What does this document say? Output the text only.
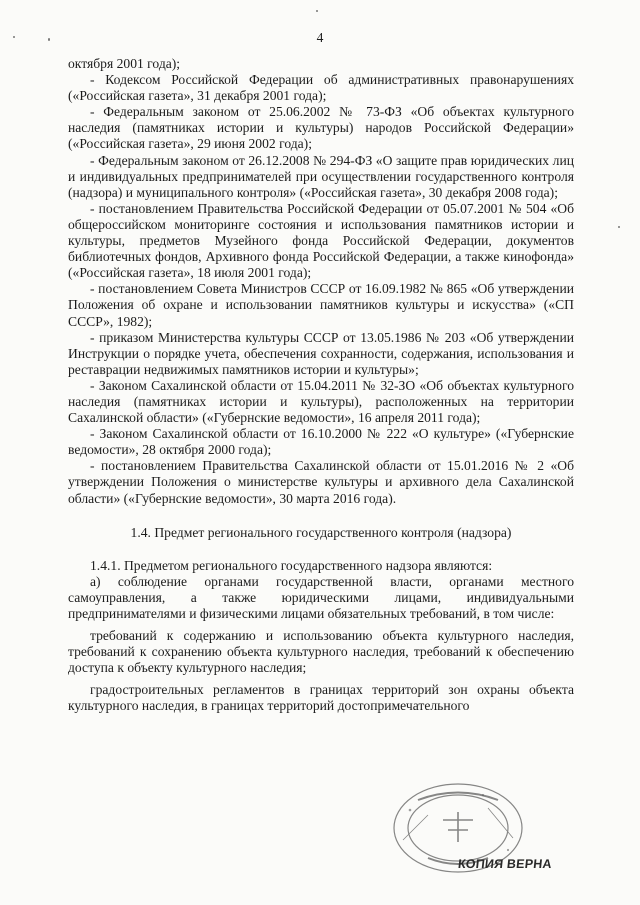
4

октября 2001 года);

- Кодексом Российской Федерации об административных правонарушениях («Российская газета», 31 декабря 2001 года);

- Федеральным законом от 25.06.2002 № 73-ФЗ «Об объектах культурного наследия (памятниках истории и культуры) народов Российской Федерации» («Российская газета», 29 июня 2002 года);

- Федеральным законом от 26.12.2008 № 294-ФЗ «О защите прав юридических лиц и индивидуальных предпринимателей при осуществлении государственного контроля (надзора) и муниципального контроля» («Российская газета», 30 декабря 2008 года);

- постановлением Правительства Российской Федерации от 05.07.2001 № 504 «Об общероссийском мониторинге состояния и использования памятников истории и культуры, предметов Музейного фонда Российской Федерации, документов библиотечных фондов, Архивного фонда Российской Федерации, а также кинофонда» («Российская газета», 18 июля 2001 года);

- постановлением Совета Министров СССР от 16.09.1982 № 865 «Об утверждении Положения об охране и использовании памятников культуры и искусства» («СП СССР», 1982);

- приказом Министерства культуры СССР от 13.05.1986 № 203 «Об утверждении Инструкции о порядке учета, обеспечения сохранности, содержания, использования и реставрации недвижимых памятников истории и культуры»;

- Законом Сахалинской области от 15.04.2011 № 32-ЗО «Об объектах культурного наследия (памятниках истории и культуры), расположенных на территории Сахалинской области» («Губернские ведомости», 16 апреля 2011 года);

- Законом Сахалинской области от 16.10.2000 № 222 «О культуре» («Губернские ведомости», 28 октября 2000 года);

- постановлением Правительства Сахалинской области от 15.01.2016 № 2 «Об утверждении Положения о министерстве культуры и архивного дела Сахалинской области» («Губернские ведомости», 30 марта 2016 года).

1.4. Предмет регионального государственного контроля (надзора)

1.4.1. Предметом регионального государственного надзора являются:

а) соблюдение органами государственной власти, органами местного самоуправления, а также юридическими лицами, индивидуальными предпринимателями и физическими лицами обязательных требований, в том числе:

требований к содержанию и использованию объекта культурного наследия, требований к сохранению объекта культурного наследия, требований к обеспечению доступа к объекту культурного наследия;

градостроительных регламентов в границах территорий зон охраны объекта культурного наследия, в границах территорий достопримечательного

КОПИЯ ВЕРНА
